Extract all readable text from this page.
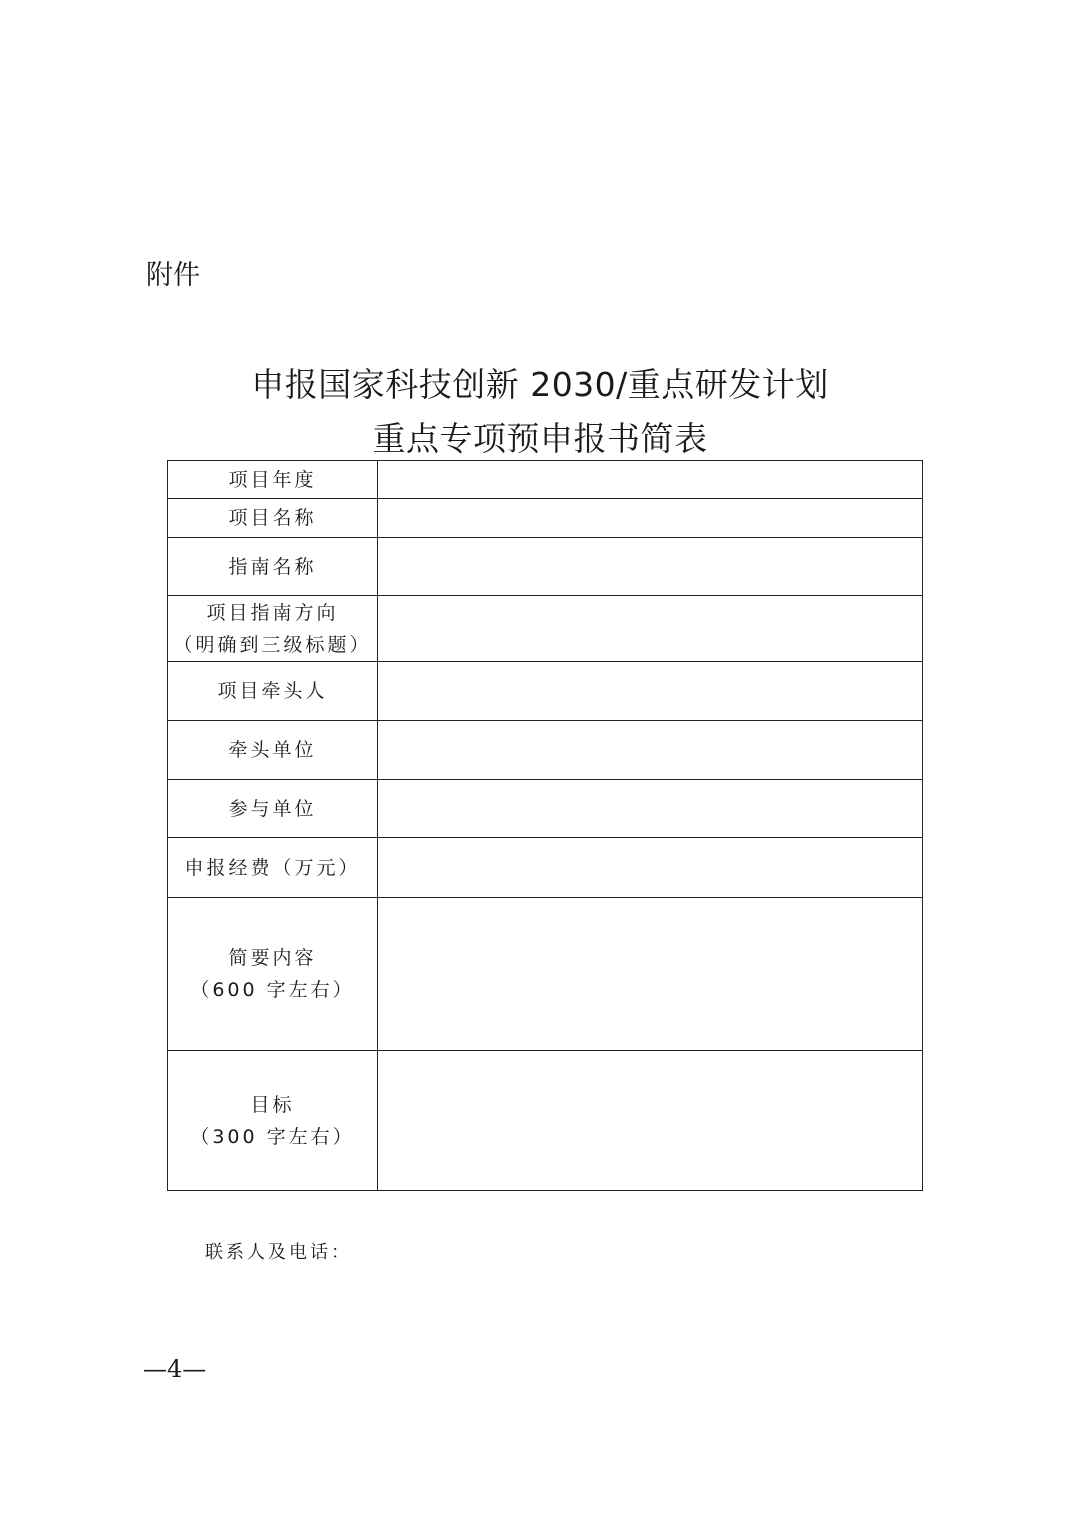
附件
申报国家科技创新 2030/重点研发计划
重点专项预申报书简表
项目年度	

项目名称	

指南名称	

项目指南方向
（明确到三级标题）	

项目牵头人	

牵头单位	

参与单位	

申报经费（万元）	

简要内容
（600 字左右）	

目标
（300 字左右）	

联系人及电话：
—4—
